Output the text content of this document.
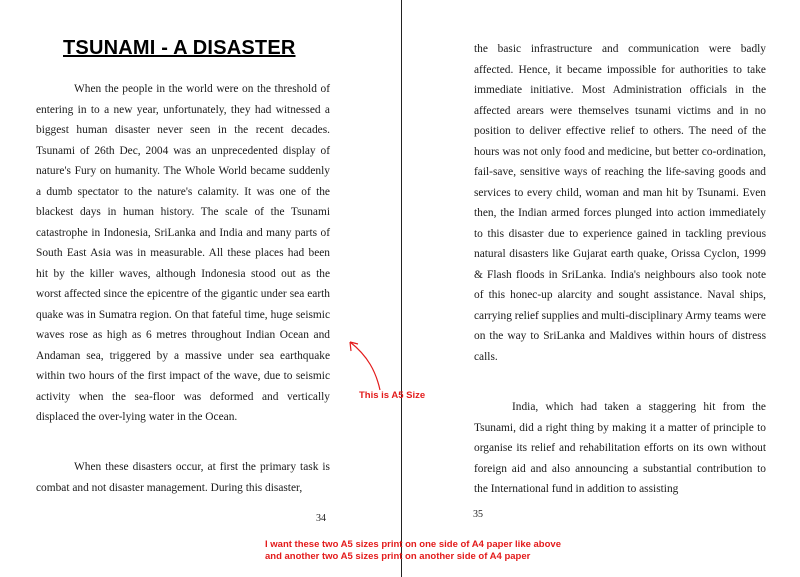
TSUNAMI - A DISASTER

When the people in the world were on the threshold of entering in to a new year, unfortunately, they had witnessed a biggest human disaster never seen in the recent decades. Tsunami of 26th Dec, 2004 was an unprecedented display of nature's Fury on humanity. The Whole World became suddenly a dumb spectator to the nature's calamity. It was one of the blackest days in human history. The scale of the Tsunami catastrophe in Indonesia, SriLanka and India and many parts of South East Asia was in measurable. All these places had been hit by the killer waves, although Indonesia stood out as the worst affected since the epicentre of the gigantic under sea earth quake was in Sumatra region. On that fateful time, huge seismic waves rose as high as 6 metres throughout Indian Ocean and Andaman sea, triggered by a massive under sea earthquake within two hours of the first impact of the wave, due to seismic activity when the sea-floor was deformed and vertically displaced the over-lying water in the Ocean.

When these disasters occur, at first the primary task is combat and not disaster management. During this disaster,

the basic infrastructure and communication were badly affected. Hence, it became impossible for authorities to take immediate initiative. Most Administration officials in the affected arears were themselves tsunami victims and in no position to deliver effective relief to others. The need of the hours was not only food and medicine, but better co-ordination, fail-save, sensitive ways of reaching the life-saving goods and services to every child, woman and man hit by Tsunami. Even then, the Indian armed forces plunged into action immediately to this disaster due to experience gained in tackling previous natural disasters like Gujarat earth quake, Orissa Cyclon, 1999 & Flash floods in SriLanka. India's neighbours also took note of this honec-up alarcity and sought assistance. Naval ships, carrying relief supplies and multi-disciplinary Army teams were on the way to SriLanka and Maldives within hours of distress calls.

India, which had taken a staggering hit from the Tsunami, did a right thing by making it a matter of principle to organise its relief and rehabilitation efforts on its own without foreign aid and also announcing a substantial contribution to the International fund in addition to assisting

34	35
This is A5 Size
I want these two A5 sizes print on one side of A4 paper like above
and another two A5 sizes print on another side of A4 paper
